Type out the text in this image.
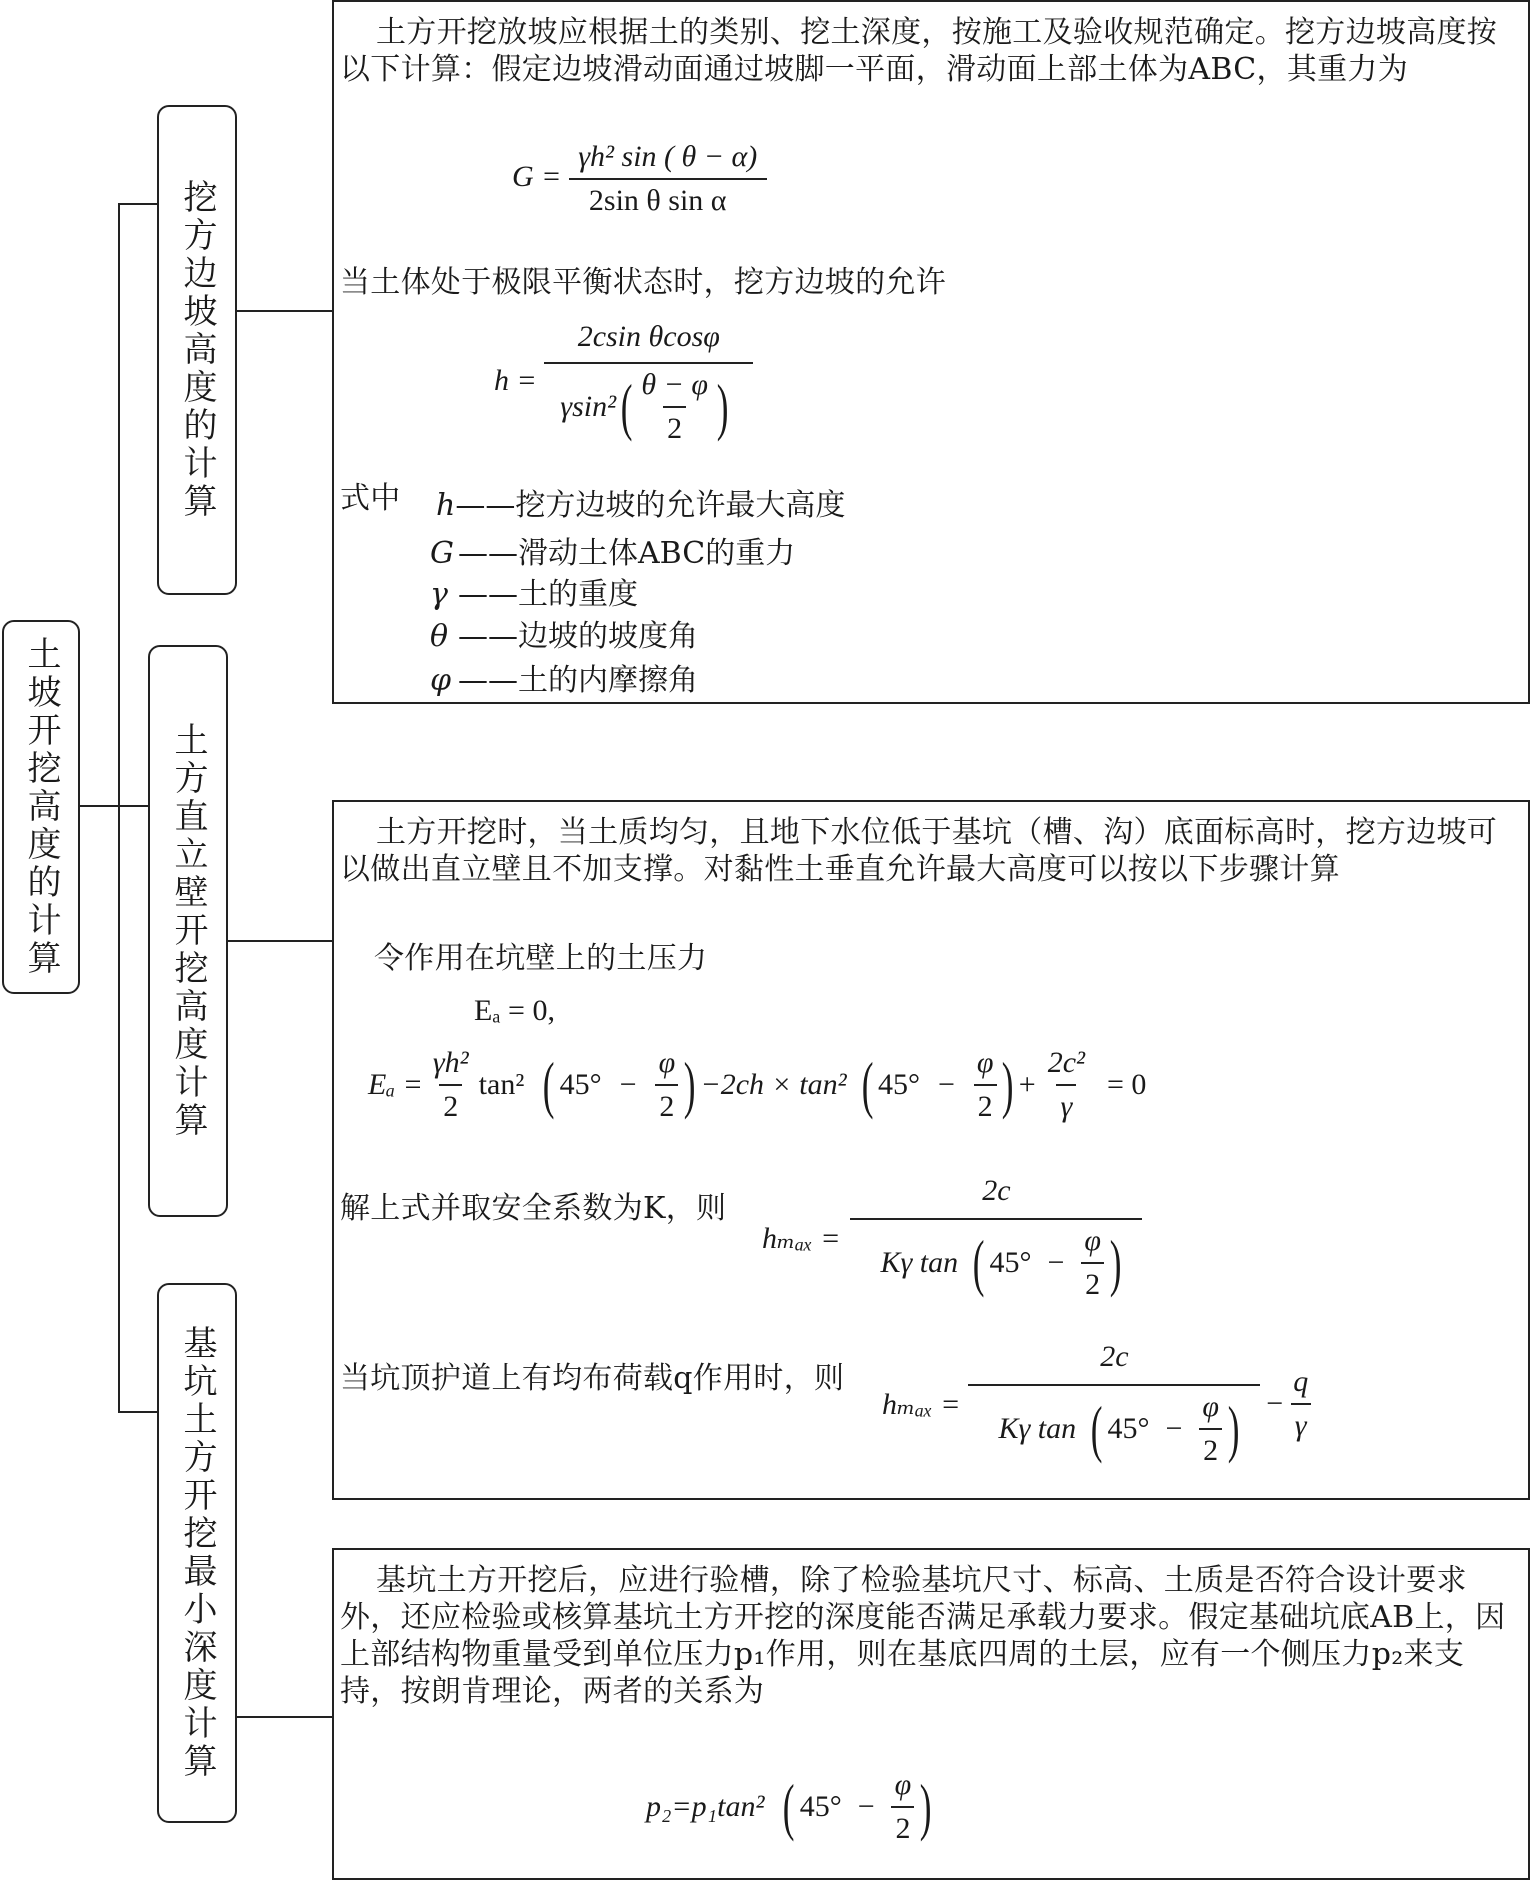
土坡开挖高度的计算
挖方边坡高度的计算
土方直立壁开挖高度计算
基坑土方开挖最小深度计算
土方开挖放坡应根据土的类别、挖土深度，按施工及验收规范确定。挖方边坡高度按以下计算：假定边坡滑动面通过坡脚一平面，滑动面上部土体为ABC，其重力为
$G = \frac{\text{γh² sin ( θ − α)}}{\text{2sin θ sin α}}$
当土体处于极限平衡状态时，挖方边坡的允许
h =
2csin θcosφ
γsin² ( $\frac{\theta - \varphi}{2}$ )
式中 h——挖方边坡的允许最大高度
G ——滑动土体ABC的重力
γ ——土的重度
θ ——边坡的坡度角
φ ——土的内摩擦角
土方开挖时，当土质均匀，且地下水位低于基坑（槽、沟）底面标高时，挖方边坡可以做出直立壁且不加支撑。对黏性土垂直允许最大高度可以按以下步骤计算
令作用在坑壁上的土压力
Eₐ = 0,
$E_a = \frac{\text{γh²}}{2} \tan^2$ ( $45^\circ - \frac{\varphi}{2}$ ) −2ch × tan² ( $45^\circ - \frac{\varphi}{2}$ ) + $\frac{\text{2c²}}{\gamma} = 0$
解上式并取安全系数为K，则
hₘₐₓ =
2c
Kγ tan ( $45^\circ - \frac{\varphi}{2}$ )
当坑顶护道上有均布荷载q作用时，则
hₘₐₓ =
2c
Kγ tan ( $45^\circ - \frac{\varphi}{2}$ ) − $\frac{q}{\gamma}$
基坑土方开挖后，应进行验槽，除了检验基坑尺寸、标高、土质是否符合设计要求外，还应检验或核算基坑土方开挖的深度能否满足承载力要求。假定基础坑底AB上，因上部结构物重量受到单位压力p₁作用，则在基底四周的土层，应有一个侧压力p₂来支持，按朗肯理论，两者的关系为
p₂=p₁tan² ( $45^\circ - \frac{\varphi}{2}$ )
